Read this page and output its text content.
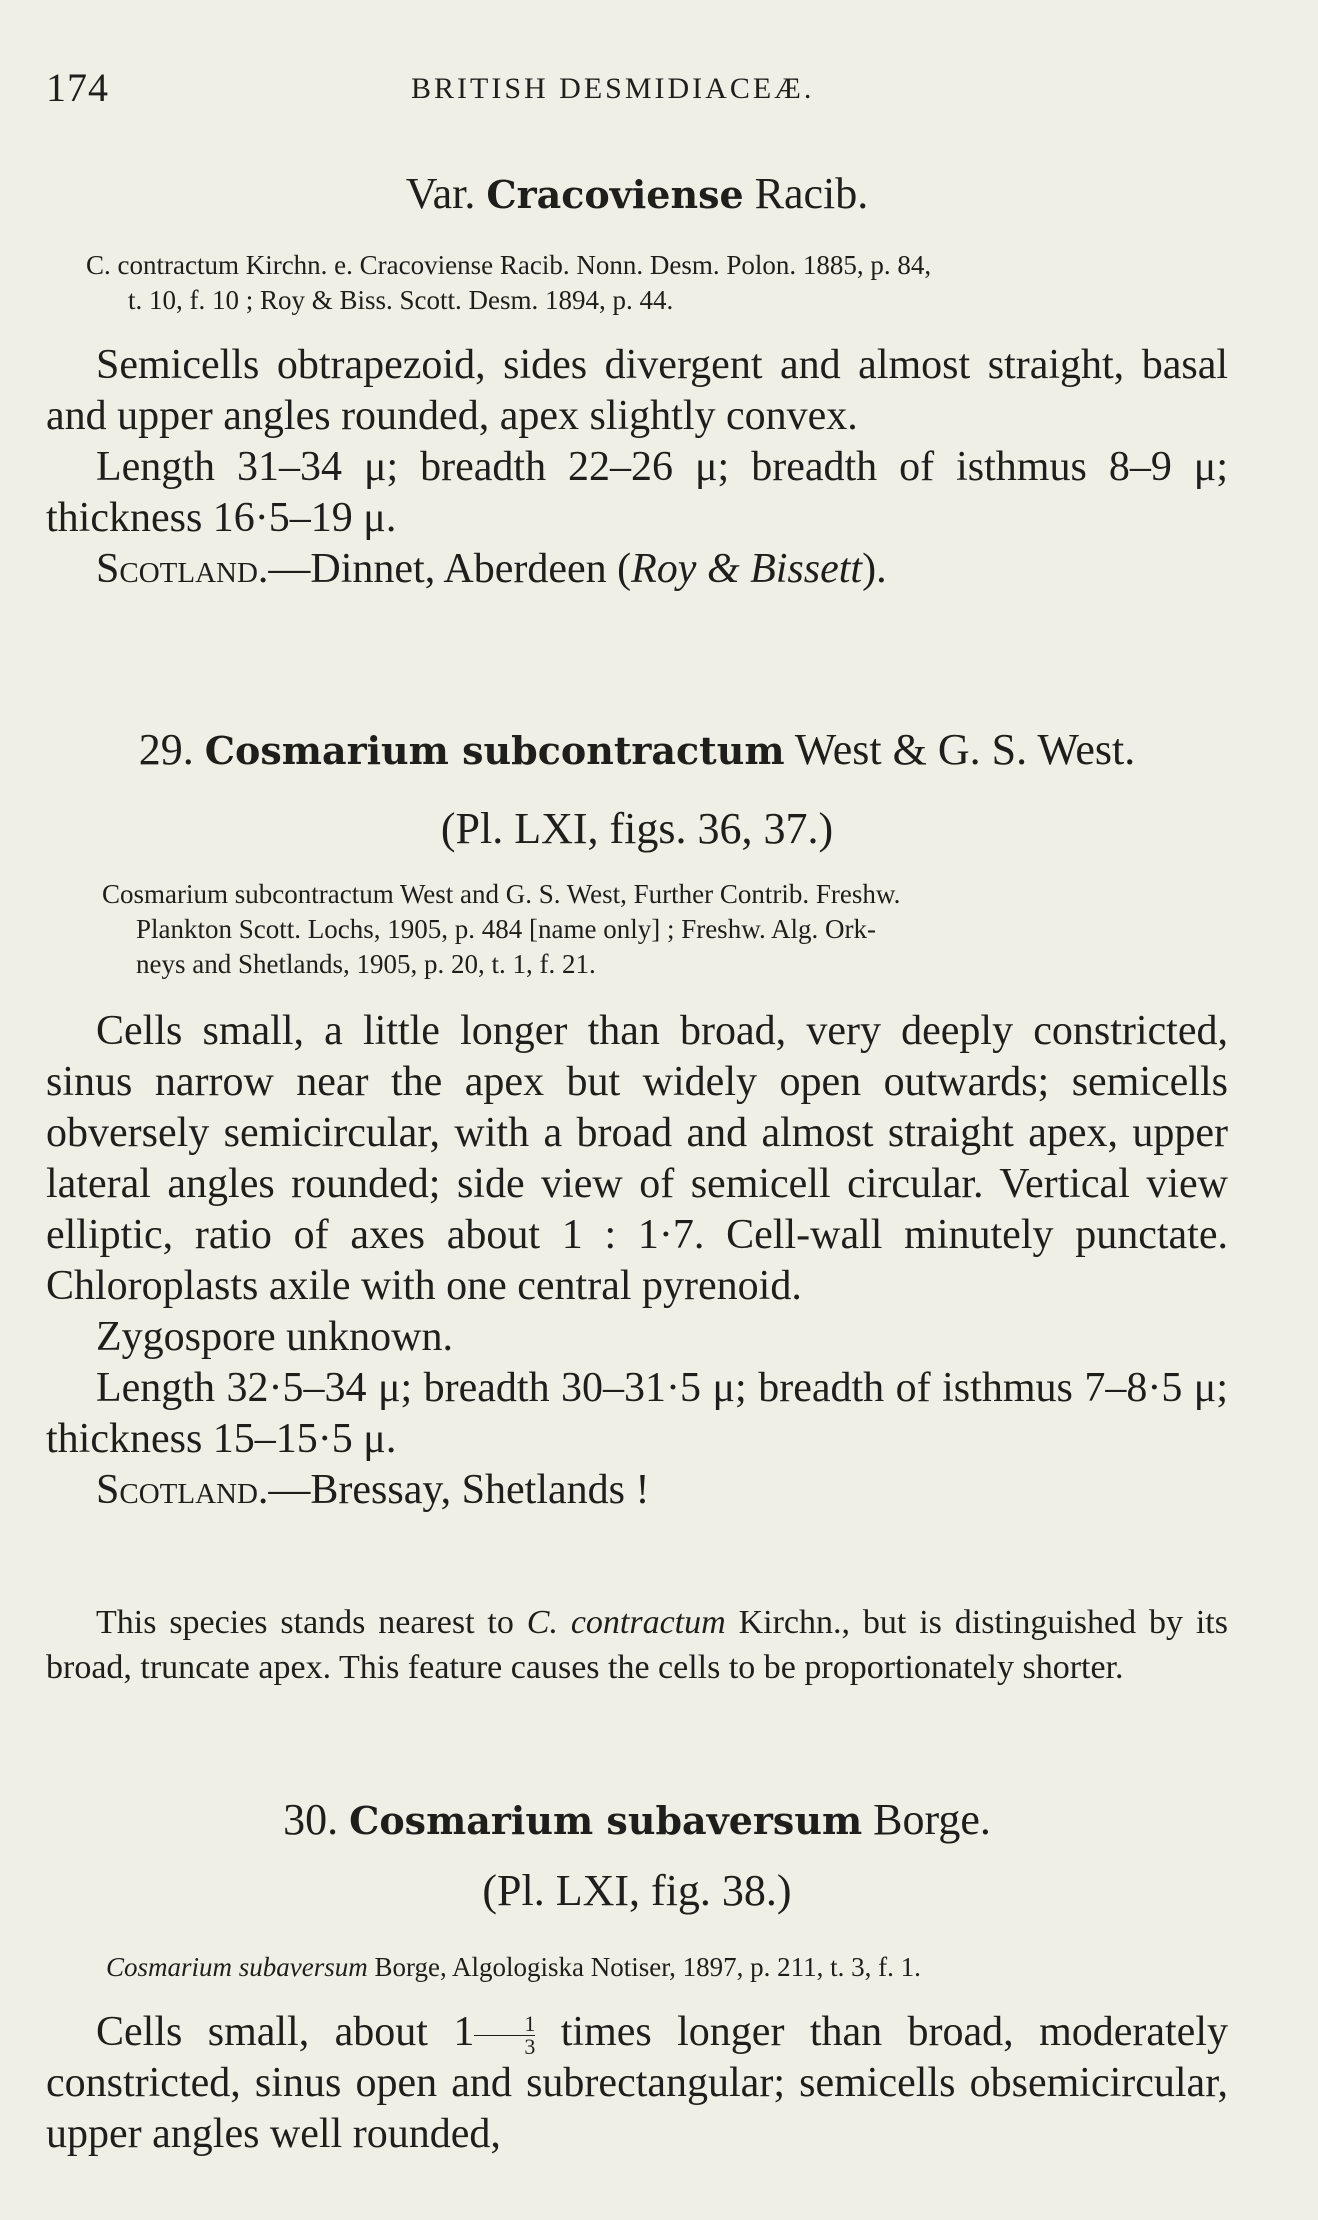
174	BRITISH DESMIDIACEÆ.
Var. Cracoviense Racib.
C. contractum Kirchn. e. Cracoviense Racib. Nonn. Desm. Polon. 1885, p. 84,
t. 10, f. 10 ; Roy & Biss. Scott. Desm. 1894, p. 44.

Semicells obtrapezoid, sides divergent and almost straight, basal and upper angles rounded, apex slightly convex.

Length 31–34 μ; breadth 22–26 μ; breadth of isthmus 8–9 μ; thickness 16·5–19 μ.

Scotland.—Dinnet, Aberdeen (Roy & Bissett).

29. Cosmarium subcontractum West & G. S. West.
(Pl. LXI, figs. 36, 37.)
Cosmarium subcontractum West and G. S. West, Further Contrib. Freshw.
Plankton Scott. Lochs, 1905, p. 484 [name only] ; Freshw. Alg. Ork-
neys and Shetlands, 1905, p. 20, t. 1, f. 21.

Cells small, a little longer than broad, very deeply constricted, sinus narrow near the apex but widely open outwards; semicells obversely semicircular, with a broad and almost straight apex, upper lateral angles rounded; side view of semicell circular. Vertical view elliptic, ratio of axes about 1 : 1·7. Cell-wall minutely punctate. Chloroplasts axile with one central pyrenoid.

Zygospore unknown.

Length 32·5–34 μ; breadth 30–31·5 μ; breadth of isthmus 7–8·5 μ; thickness 15–15·5 μ.

Scotland.—Bressay, Shetlands !

This species stands nearest to C. contractum Kirchn., but is distinguished by its broad, truncate apex. This feature causes the cells to be proportionately shorter.

30. Cosmarium subaversum Borge.
(Pl. LXI, fig. 38.)
Cosmarium subaversum Borge, Algologiska Notiser, 1897, p. 211, t. 3, f. 1.

Cells small, about $1 \frac{1}{3}$ times longer than broad, moderately constricted, sinus open and subrectangular; semicells obsemicircular, upper angles well rounded,
